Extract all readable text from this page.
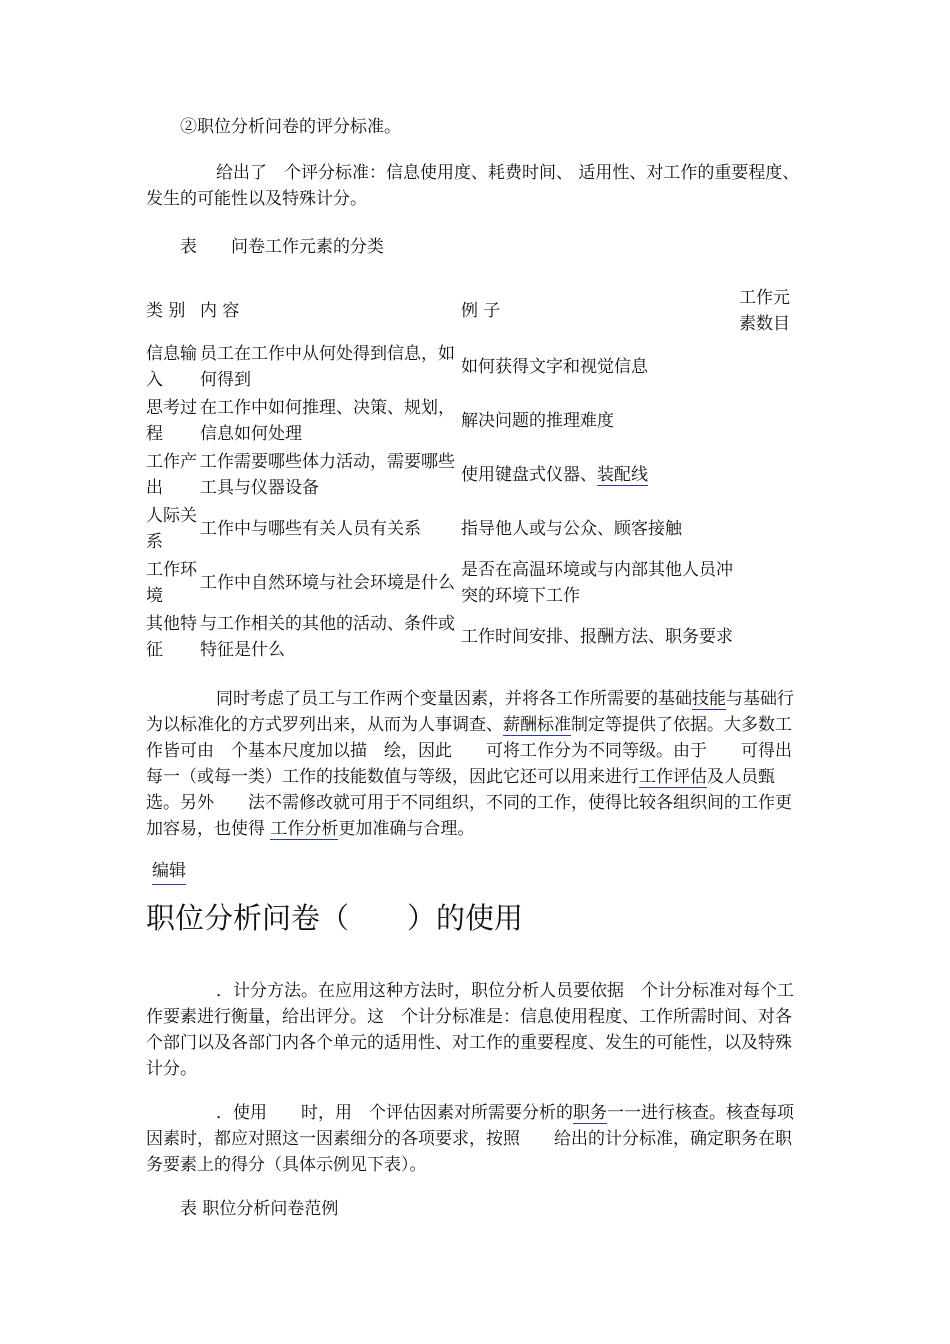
②职位分析问卷的评分标准。

给出了　个评分标准：信息使用度、耗费时间、 适用性、对工作的重要程度、发生的可能性以及特殊计分。

表　　问卷工作元素的分类

类 别	内 容	例 子	工作元素数目
信息输入	员工在工作中从何处得到信息，如何得到	如何获得文字和视觉信息	
思考过程	在工作中如何推理、决策、规划，信息如何处理	解决问题的推理难度	
工作产出	工作需要哪些体力活动，需要哪些工具与仪器设备	使用键盘式仪器、装配线	
人际关系	工作中与哪些有关人员有关系	指导他人或与公众、顾客接触	
工作环境	工作中自然环境与社会环境是什么	是否在高温环境或与内部其他人员冲突的环境下工作	
其他特征	与工作相关的其他的活动、条件或特征是什么	工作时间安排、报酬方法、职务要求	

同时考虑了员工与工作两个变量因素，并将各工作所需要的基础技能与基础行为以标准化的方式罗列出来，从而为人事调查、薪酬标准制定等提供了依据。大多数工作皆可由　个基本尺度加以描　绘，因此　　可将工作分为不同等级。由于　　可得出每一（或每一类）工作的技能数值与等级，因此它还可以用来进行工作评估及人员甄选。另外　　法不需修改就可用于不同组织，不同的工作，使得比较各组织间的工作更加容易，也使得 工作分析更加准确与合理。

编辑
职位分析问卷（　　）的使用

．计分方法。在应用这种方法时，职位分析人员要依据　个计分标准对每个工作要素进行衡量，给出评分。这　个计分标准是：信息使用程度、工作所需时间、对各个部门以及各部门内各个单元的适用性、对工作的重要程度、发生的可能性，以及特殊计分。

．使用　　时，用　个评估因素对所需要分析的职务一一进行核查。核查每项因素时，都应对照这一因素细分的各项要求，按照　　给出的计分标准，确定职务在职务要素上的得分（具体示例见下表）。

表 职位分析问卷范例
